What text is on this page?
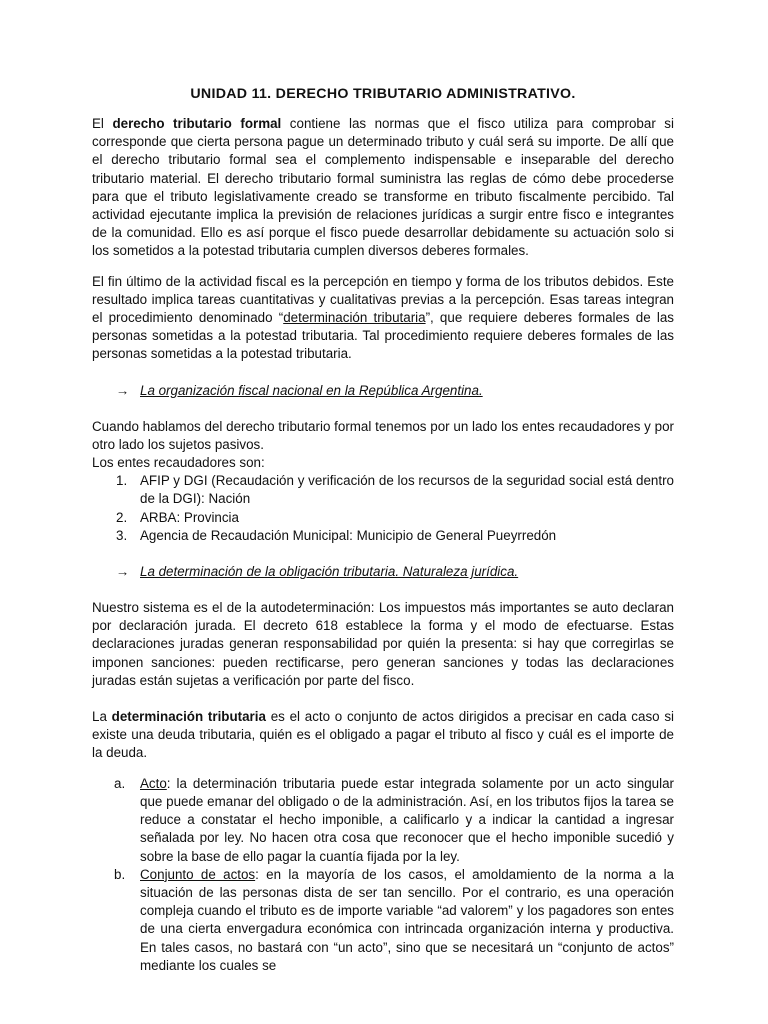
UNIDAD 11. DERECHO TRIBUTARIO ADMINISTRATIVO.

El derecho tributario formal contiene las normas que el fisco utiliza para comprobar si corresponde que cierta persona pague un determinado tributo y cuál será su importe. De allí que el derecho tributario formal sea el complemento indispensable e inseparable del derecho tributario material. El derecho tributario formal suministra las reglas de cómo debe procederse para que el tributo legislativamente creado se transforme en tributo fiscalmente percibido. Tal actividad ejecutante implica la previsión de relaciones jurídicas a surgir entre fisco e integrantes de la comunidad. Ello es así porque el fisco puede desarrollar debidamente su actuación solo si los sometidos a la potestad tributaria cumplen diversos deberes formales.

El fin último de la actividad fiscal es la percepción en tiempo y forma de los tributos debidos. Este resultado implica tareas cuantitativas y cualitativas previas a la percepción. Esas tareas integran el procedimiento denominado “determinación tributaria”, que requiere deberes formales de las personas sometidas a la potestad tributaria. Tal procedimiento requiere deberes formales de las personas sometidas a la potestad tributaria.

→ La organización fiscal nacional en la República Argentina.

Cuando hablamos del derecho tributario formal tenemos por un lado los entes recaudadores y por otro lado los sujetos pasivos.

Los entes recaudadores son:

1. AFIP y DGI (Recaudación y verificación de los recursos de la seguridad social está dentro de la DGI): Nación
2. ARBA: Provincia
3. Agencia de Recaudación Municipal: Municipio de General Pueyrredón
→ La determinación de la obligación tributaria. Naturaleza jurídica.

Nuestro sistema es el de la autodeterminación: Los impuestos más importantes se auto declaran por declaración jurada. El decreto 618 establece la forma y el modo de efectuarse. Estas declaraciones juradas generan responsabilidad por quién la presenta: si hay que corregirlas se imponen sanciones: pueden rectificarse, pero generan sanciones y todas las declaraciones juradas están sujetas a verificación por parte del fisco.

La determinación tributaria es el acto o conjunto de actos dirigidos a precisar en cada caso si existe una deuda tributaria, quién es el obligado a pagar el tributo al fisco y cuál es el importe de la deuda.

a. Acto: la determinación tributaria puede estar integrada solamente por un acto singular que puede emanar del obligado o de la administración. Así, en los tributos fijos la tarea se reduce a constatar el hecho imponible, a calificarlo y a indicar la cantidad a ingresar señalada por ley. No hacen otra cosa que reconocer que el hecho imponible sucedió y sobre la base de ello pagar la cuantía fijada por la ley.
b. Conjunto de actos: en la mayoría de los casos, el amoldamiento de la norma a la situación de las personas dista de ser tan sencillo. Por el contrario, es una operación compleja cuando el tributo es de importe variable “ad valorem” y los pagadores son entes de una cierta envergadura económica con intrincada organización interna y productiva. En tales casos, no bastará con “un acto”, sino que se necesitará un “conjunto de actos” mediante los cuales se
